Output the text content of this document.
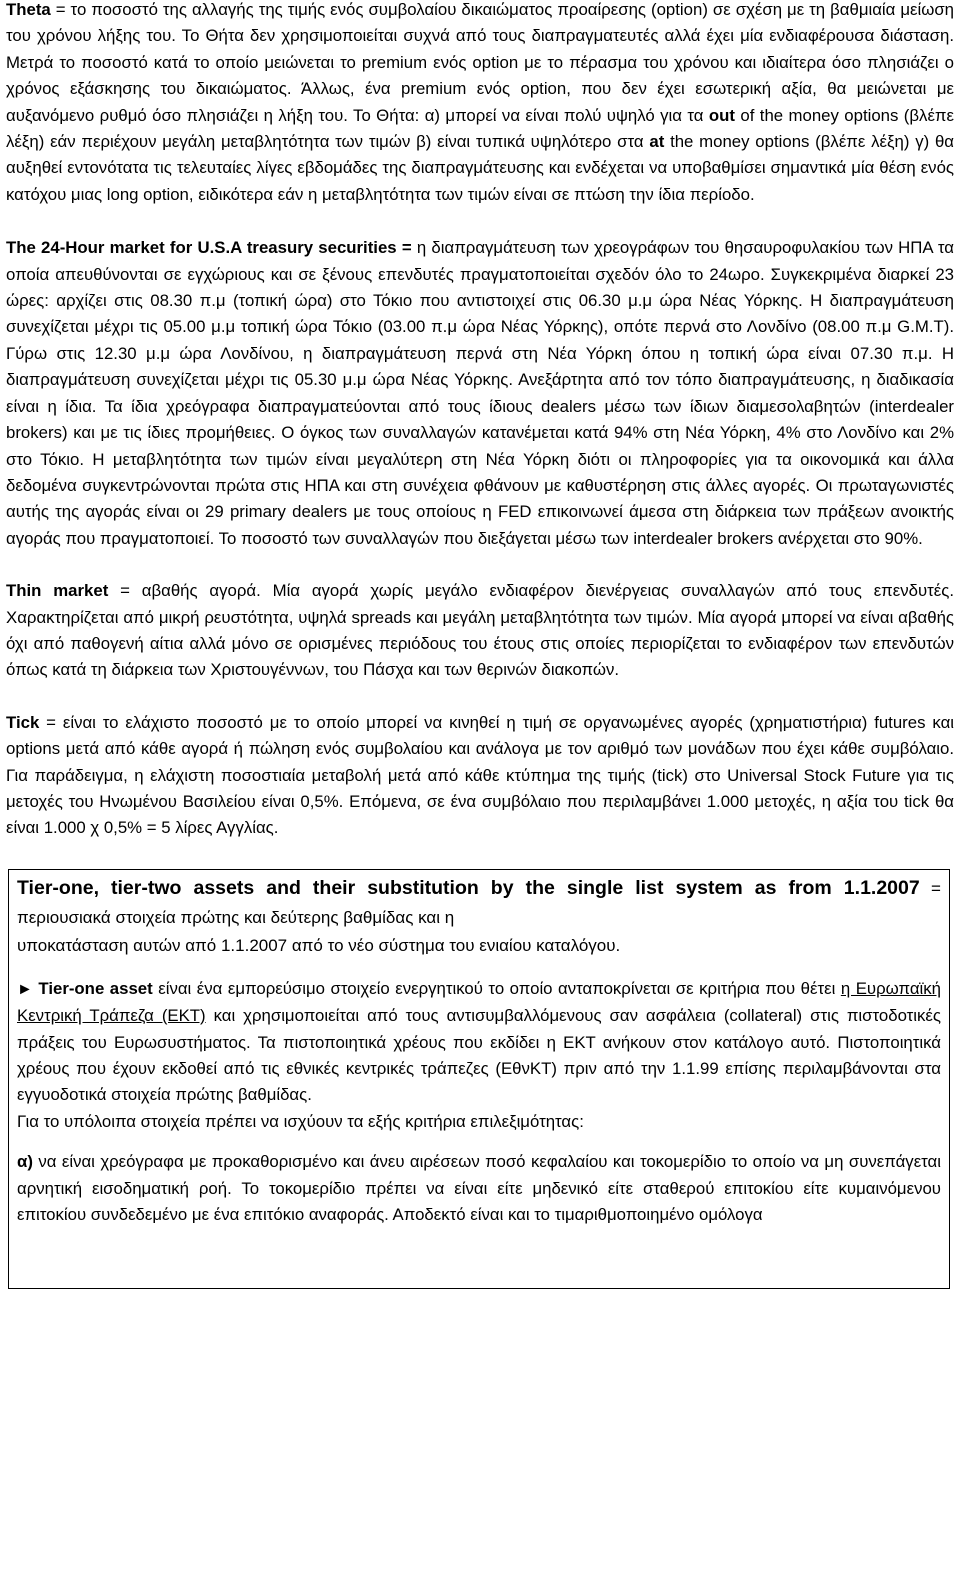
Theta = το ποσοστό της αλλαγής της τιμής ενός συμβολαίου δικαιώματος προαίρεσης (option) σε σχέση με τη βαθμιαία μείωση του χρόνου λήξης του. Το Θήτα δεν χρησιμοποιείται συχνά από τους διαπραγματευτές αλλά έχει μία ενδιαφέρουσα διάσταση. Μετρά το ποσοστό κατά το οποίο μειώνεται το premium ενός option με το πέρασμα του χρόνου και ιδιαίτερα όσο πλησιάζει ο χρόνος εξάσκησης του δικαιώματος. Άλλως, ένα premium ενός option, που δεν έχει εσωτερική αξία, θα μειώνεται με αυξανόμενο ρυθμό όσο πλησιάζει η λήξη του. Το Θήτα: α) μπορεί να είναι πολύ υψηλό για τα out of the money options (βλέπε λέξη) εάν περιέχουν μεγάλη μεταβλητότητα των τιμών β) είναι τυπικά υψηλότερο στα at the money options (βλέπε λέξη) γ) θα αυξηθεί εντονότατα τις τελευταίες λίγες εβδομάδες της διαπραγμάτευσης και ενδέχεται να υποβαθμίσει σημαντικά μία θέση ενός κατόχου μιας long option, ειδικότερα εάν η μεταβλητότητα των τιμών είναι σε πτώση την ίδια περίοδο.

The 24-Hour market for U.S.A treasury securities = η διαπραγμάτευση των χρεογράφων του θησαυροφυλακίου των ΗΠΑ τα οποία απευθύνονται σε εγχώριους και σε ξένους επενδυτές πραγματοποιείται σχεδόν όλο το 24ωρο. Συγκεκριμένα διαρκεί 23 ώρες: αρχίζει στις 08.30 π.μ (τοπική ώρα) στο Τόκιο που αντιστοιχεί στις 06.30 μ.μ ώρα Νέας Υόρκης. Η διαπραγμάτευση συνεχίζεται μέχρι τις 05.00 μ.μ τοπική ώρα Τόκιο (03.00 π.μ ώρα Νέας Υόρκης), οπότε περνά στο Λονδίνο (08.00 π.μ G.M.T). Γύρω στις 12.30 μ.μ ώρα Λονδίνου, η διαπραγμάτευση περνά στη Νέα Υόρκη όπου η τοπική ώρα είναι 07.30 π.μ. Η διαπραγμάτευση συνεχίζεται μέχρι τις 05.30 μ.μ ώρα Νέας Υόρκης. Ανεξάρτητα από τον τόπο διαπραγμάτευσης, η διαδικασία είναι η ίδια. Τα ίδια χρεόγραφα διαπραγματεύονται από τους ίδιους dealers μέσω των ίδιων διαμεσολαβητών (interdealer brokers) και με τις ίδιες προμήθειες. Ο όγκος των συναλλαγών κατανέμεται κατά 94% στη Νέα Υόρκη, 4% στο Λονδίνο και 2% στο Τόκιο. Η μεταβλητότητα των τιμών είναι μεγαλύτερη στη Νέα Υόρκη διότι οι πληροφορίες για τα οικονομικά και άλλα δεδομένα συγκεντρώνονται πρώτα στις ΗΠΑ και στη συνέχεια φθάνουν με καθυστέρηση στις άλλες αγορές. Οι πρωταγωνιστές αυτής της αγοράς είναι οι 29 primary dealers με τους οποίους η FED επικοινωνεί άμεσα στη διάρκεια των πράξεων ανοικτής αγοράς που πραγματοποιεί. Το ποσοστό των συναλλαγών που διεξάγεται μέσω των interdealer brokers ανέρχεται στο 90%.

Thin market = αβαθής αγορά. Μία αγορά χωρίς μεγάλο ενδιαφέρον διενέργειας συναλλαγών από τους επενδυτές. Χαρακτηρίζεται από μικρή ρευστότητα, υψηλά spreads και μεγάλη μεταβλητότητα των τιμών. Μία αγορά μπορεί να είναι αβαθής όχι από παθογενή αίτια αλλά μόνο σε ορισμένες περιόδους του έτους στις οποίες περιορίζεται το ενδιαφέρον των επενδυτών όπως κατά τη διάρκεια των Χριστουγέννων, του Πάσχα και των θερινών διακοπών.

Tick = είναι το ελάχιστο ποσοστό με το οποίο μπορεί να κινηθεί η τιμή σε οργανωμένες αγορές (χρηματιστήρια) futures και options μετά από κάθε αγορά ή πώληση ενός συμβολαίου και ανάλογα με τον αριθμό των μονάδων που έχει κάθε συμβόλαιο. Για παράδειγμα, η ελάχιστη ποσοστιαία μεταβολή μετά από κάθε κτύπημα της τιμής (tick) στο Universal Stock Future για τις μετοχές του Ηνωμένου Βασιλείου είναι 0,5%. Επόμενα, σε ένα συμβόλαιο που περιλαμβάνει 1.000 μετοχές, η αξία του tick θα είναι 1.000 χ 0,5% = 5 λίρες Αγγλίας.

Tier-one, tier-two assets and their substitution by the single list system as from 1.1.2007 = περιουσιακά στοιχεία πρώτης και δεύτερης βαθμίδας και η
υποκατάσταση αυτών από 1.1.2007 από το νέο σύστημα του ενιαίου καταλόγου.

► Tier-one asset είναι ένα εμπορεύσιμο στοιχείο ενεργητικού το οποίο ανταποκρίνεται σε κριτήρια που θέτει η Ευρωπαϊκή Κεντρική Τράπεζα (ΕΚΤ) και χρησιμοποιείται από τους αντισυμβαλλόμενους σαν ασφάλεια (collateral) στις πιστοδοτικές πράξεις του Ευρωσυστήματος. Τα πιστοποιητικά χρέους που εκδίδει η ΕΚΤ ανήκουν στον κατάλογο αυτό. Πιστοποιητικά χρέους που έχουν εκδοθεί από τις εθνικές κεντρικές τράπεζες (ΕθνΚΤ) πριν από την 1.1.99 επίσης περιλαμβάνονται στα εγγυοδοτικά στοιχεία πρώτης βαθμίδας.

Για το υπόλοιπα στοιχεία πρέπει να ισχύουν τα εξής κριτήρια επιλεξιμότητας:

α) να είναι χρεόγραφα με προκαθορισμένο και άνευ αιρέσεων ποσό κεφαλαίου και τοκομερίδιο το οποίο να μη συνεπάγεται αρνητική εισοδηματική ροή. Το τοκομερίδιο πρέπει να είναι είτε μηδενικό είτε σταθερού επιτοκίου είτε κυμαινόμενου επιτοκίου συνδεδεμένο με ένα επιτόκιο αναφοράς. Αποδεκτό είναι και το τιμαριθμοποιημένο ομόλογα
